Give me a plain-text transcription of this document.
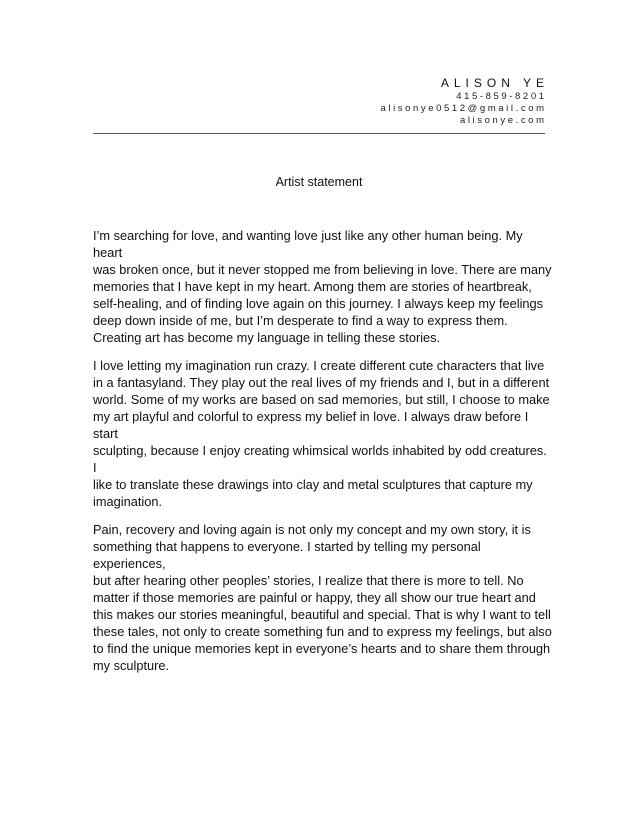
ALISON YE
415-859-8201
alisonye0512@gmail.com
alisonye.com
Artist statement

I’m searching for love, and wanting love just like any other human being. My heart
was broken once, but it never stopped me from believing in love. There are many
memories that I have kept in my heart. Among them are stories of heartbreak,
self-healing, and of finding love again on this journey. I always keep my feelings
deep down inside of me, but I’m desperate to find a way to express them.
Creating art has become my language in telling these stories.

I love letting my imagination run crazy. I create different cute characters that live
in a fantasyland. They play out the real lives of my friends and I, but in a different
world. Some of my works are based on sad memories, but still, I choose to make
my art playful and colorful to express my belief in love. I always draw before I start
sculpting, because I enjoy creating whimsical worlds inhabited by odd creatures. I
like to translate these drawings into clay and metal sculptures that capture my
imagination.

Pain, recovery and loving again is not only my concept and my own story, it is
something that happens to everyone. I started by telling my personal experiences,
but after hearing other peoples’ stories, I realize that there is more to tell. No
matter if those memories are painful or happy, they all show our true heart and
this makes our stories meaningful, beautiful and special. That is why I want to tell
these tales, not only to create something fun and to express my feelings, but also
to find the unique memories kept in everyone’s hearts and to share them through
my sculpture.
